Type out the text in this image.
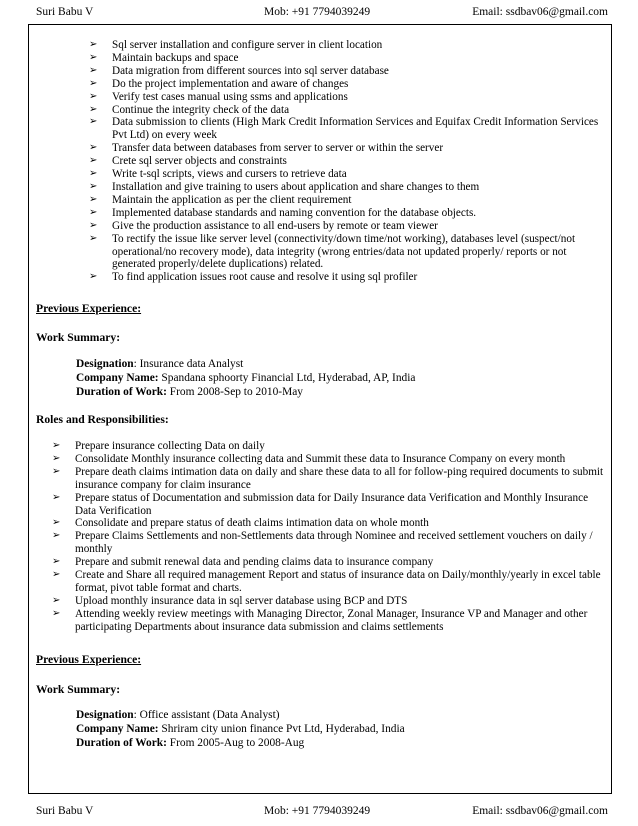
Suri Babu V	Mob: +91 7794039249	Email: ssdbav06@gmail.com
➢ Sql server installation and configure server in client location
➢ Maintain backups and space
➢ Data migration from different sources into sql server database
➢ Do the project implementation and aware of changes
➢ Verify test cases manual using ssms and applications
➢ Continue the integrity check of the data
➢ Data submission to clients (High Mark Credit Information Services and Equifax Credit Information Services Pvt Ltd) on every week
➢ Transfer data between databases from server to server or within the server
➢ Crete sql server objects and constraints
➢ Write t-sql scripts, views and cursers to retrieve data
➢ Installation and give training to users about application and share changes to them
➢ Maintain the application as per the client requirement
➢ Implemented database standards and naming convention for the database objects.
➢ Give the production assistance to all end-users by remote or team viewer
➢ To rectify the issue like server level (connectivity/down time/not working), databases level (suspect/not operational/no recovery mode), data integrity (wrong entries/data not updated properly/ reports or not generated properly/delete duplications) related.
➢ To find application issues root cause and resolve it using sql profiler
Previous Experience:
Work Summary:
Designation: Insurance data Analyst
Company Name: Spandana sphoorty Financial Ltd, Hyderabad, AP, India
Duration of Work: From 2008-Sep to 2010-May
Roles and Responsibilities:
➢ Prepare insurance collecting Data on daily
➢ Consolidate Monthly insurance collecting data and Summit these data to Insurance Company on every month
➢ Prepare death claims intimation data on daily and share these data to all for follow-ping required documents to submit insurance company for claim insurance
➢ Prepare status of Documentation and submission data for Daily Insurance data Verification and Monthly Insurance Data Verification
➢ Consolidate and prepare status of death claims intimation data on whole month
➢ Prepare Claims Settlements and non-Settlements data through Nominee and received settlement vouchers on daily / monthly
➢ Prepare and submit renewal data and pending claims data to insurance company
➢ Create and Share all required management Report and status of insurance data on Daily/monthly/yearly in excel table format, pivot table format and charts.
➢ Upload monthly insurance data in sql server database using BCP and DTS
➢ Attending weekly review meetings with Managing Director, Zonal Manager, Insurance VP and Manager and other participating Departments about insurance data submission and claims settlements
Previous Experience:
Work Summary:
Designation: Office assistant (Data Analyst)
Company Name: Shriram city union finance Pvt Ltd, Hyderabad, India
Duration of Work: From 2005-Aug to 2008-Aug
Suri Babu V	Mob: +91 7794039249	Email: ssdbav06@gmail.com
